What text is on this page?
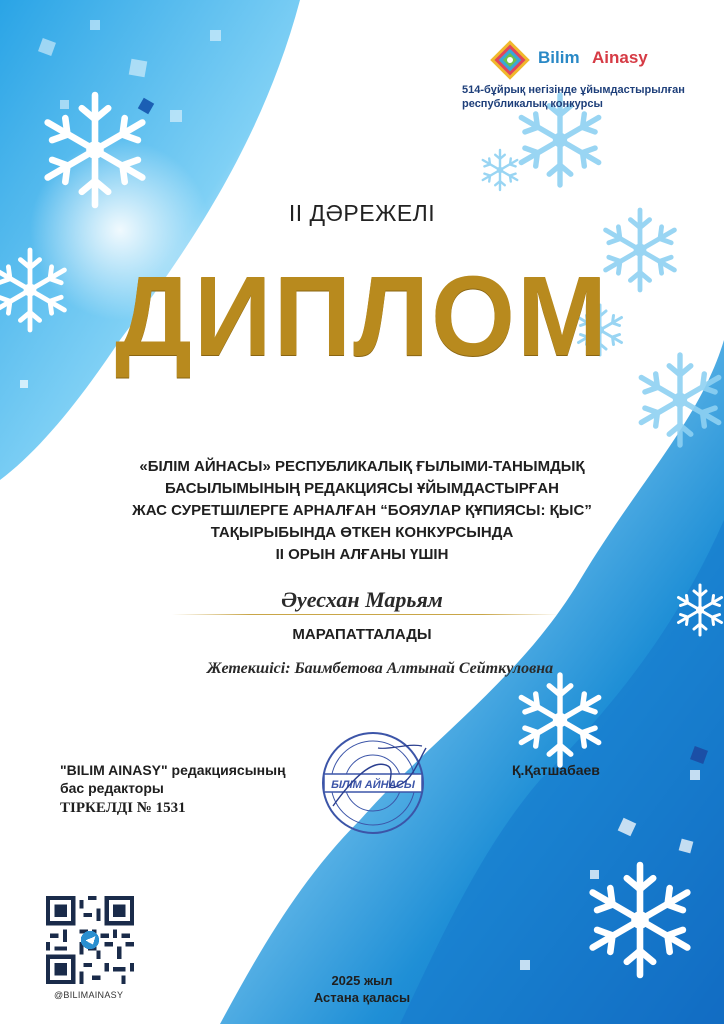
Bilim Ainasy
514-бұйрық негізінде ұйымдастырылған
республикалық конкурсы
II ДӘРЕЖЕЛІ
ДИПЛОМ
«БІЛІМ АЙНАСЫ» РЕСПУБЛИКАЛЫҚ ҒЫЛЫМИ-ТАНЫМДЫҚ
БАСЫЛЫМЫНЫҢ РЕДАКЦИЯСЫ ҰЙЫМДАСТЫРҒАН
ЖАС СУРЕТШІЛЕРГЕ АРНАЛҒАН “БОЯУЛАР ҚҰПИЯСЫ: ҚЫС”
ТАҚЫРЫБЫНДА ӨТКЕН КОНКУРСЫНДА
II ОРЫН АЛҒАНЫ ҮШІН
Әуесхан Марьям
МАРАПАТТАЛАДЫ
Жетекшісі: Баимбетова Алтынай Сейткуловна
"BILIM AINASY" редакциясының
бас редакторы
ТІРКЕЛДІ № 1531
БІЛІМ АЙНАСЫ
Қ.Қатшабаев
@BILIMAINASY
2025 жыл
Астана қаласы
